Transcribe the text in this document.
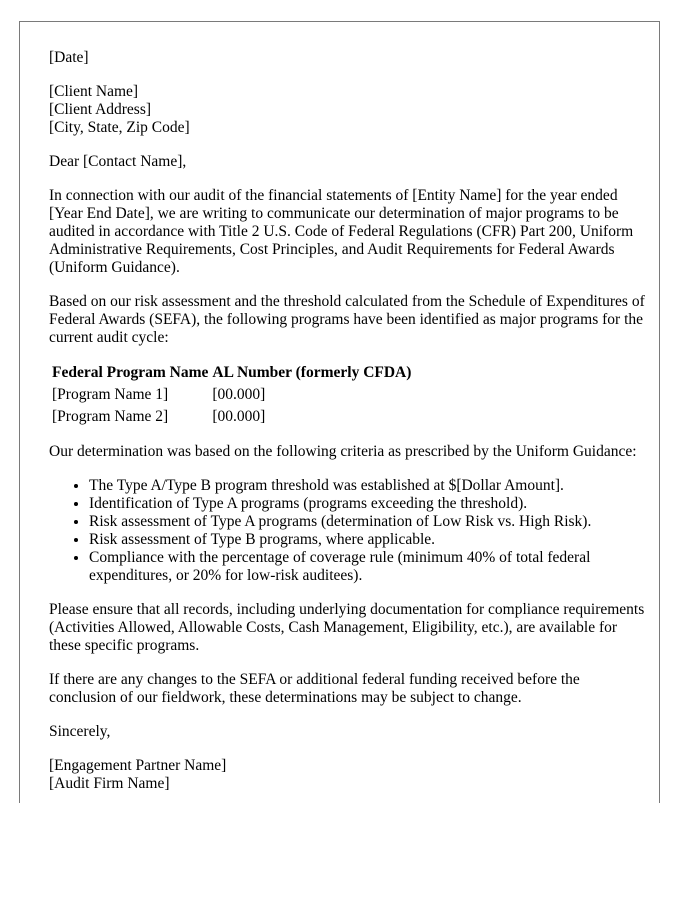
[Date]

[Client Name]

[Client Address]

[City, State, Zip Code]

Dear [Contact Name],

In connection with our audit of the financial statements of [Entity Name] for the year ended [Year End Date], we are writing to communicate our determination of major programs to be audited in accordance with Title 2 U.S. Code of Federal Regulations (CFR) Part 200, Uniform Administrative Requirements, Cost Principles, and Audit Requirements for Federal Awards (Uniform Guidance).

Based on our risk assessment and the threshold calculated from the Schedule of Expenditures of Federal Awards (SEFA), the following programs have been identified as major programs for the current audit cycle:

Federal Program Name	AL Number (formerly CFDA)
[Program Name 1]	[00.000]
[Program Name 2]	[00.000]

Our determination was based on the following criteria as prescribed by the Uniform Guidance:

• The Type A/Type B program threshold was established at $[Dollar Amount].
• Identification of Type A programs (programs exceeding the threshold).
• Risk assessment of Type A programs (determination of Low Risk vs. High Risk).
• Risk assessment of Type B programs, where applicable.
• Compliance with the percentage of coverage rule (minimum 40% of total federal expenditures, or 20% for low-risk auditees).

Please ensure that all records, including underlying documentation for compliance requirements (Activities Allowed, Allowable Costs, Cash Management, Eligibility, etc.), are available for these specific programs.

If there are any changes to the SEFA or additional federal funding received before the conclusion of our fieldwork, these determinations may be subject to change.

Sincerely,

[Engagement Partner Name]

[Audit Firm Name]
